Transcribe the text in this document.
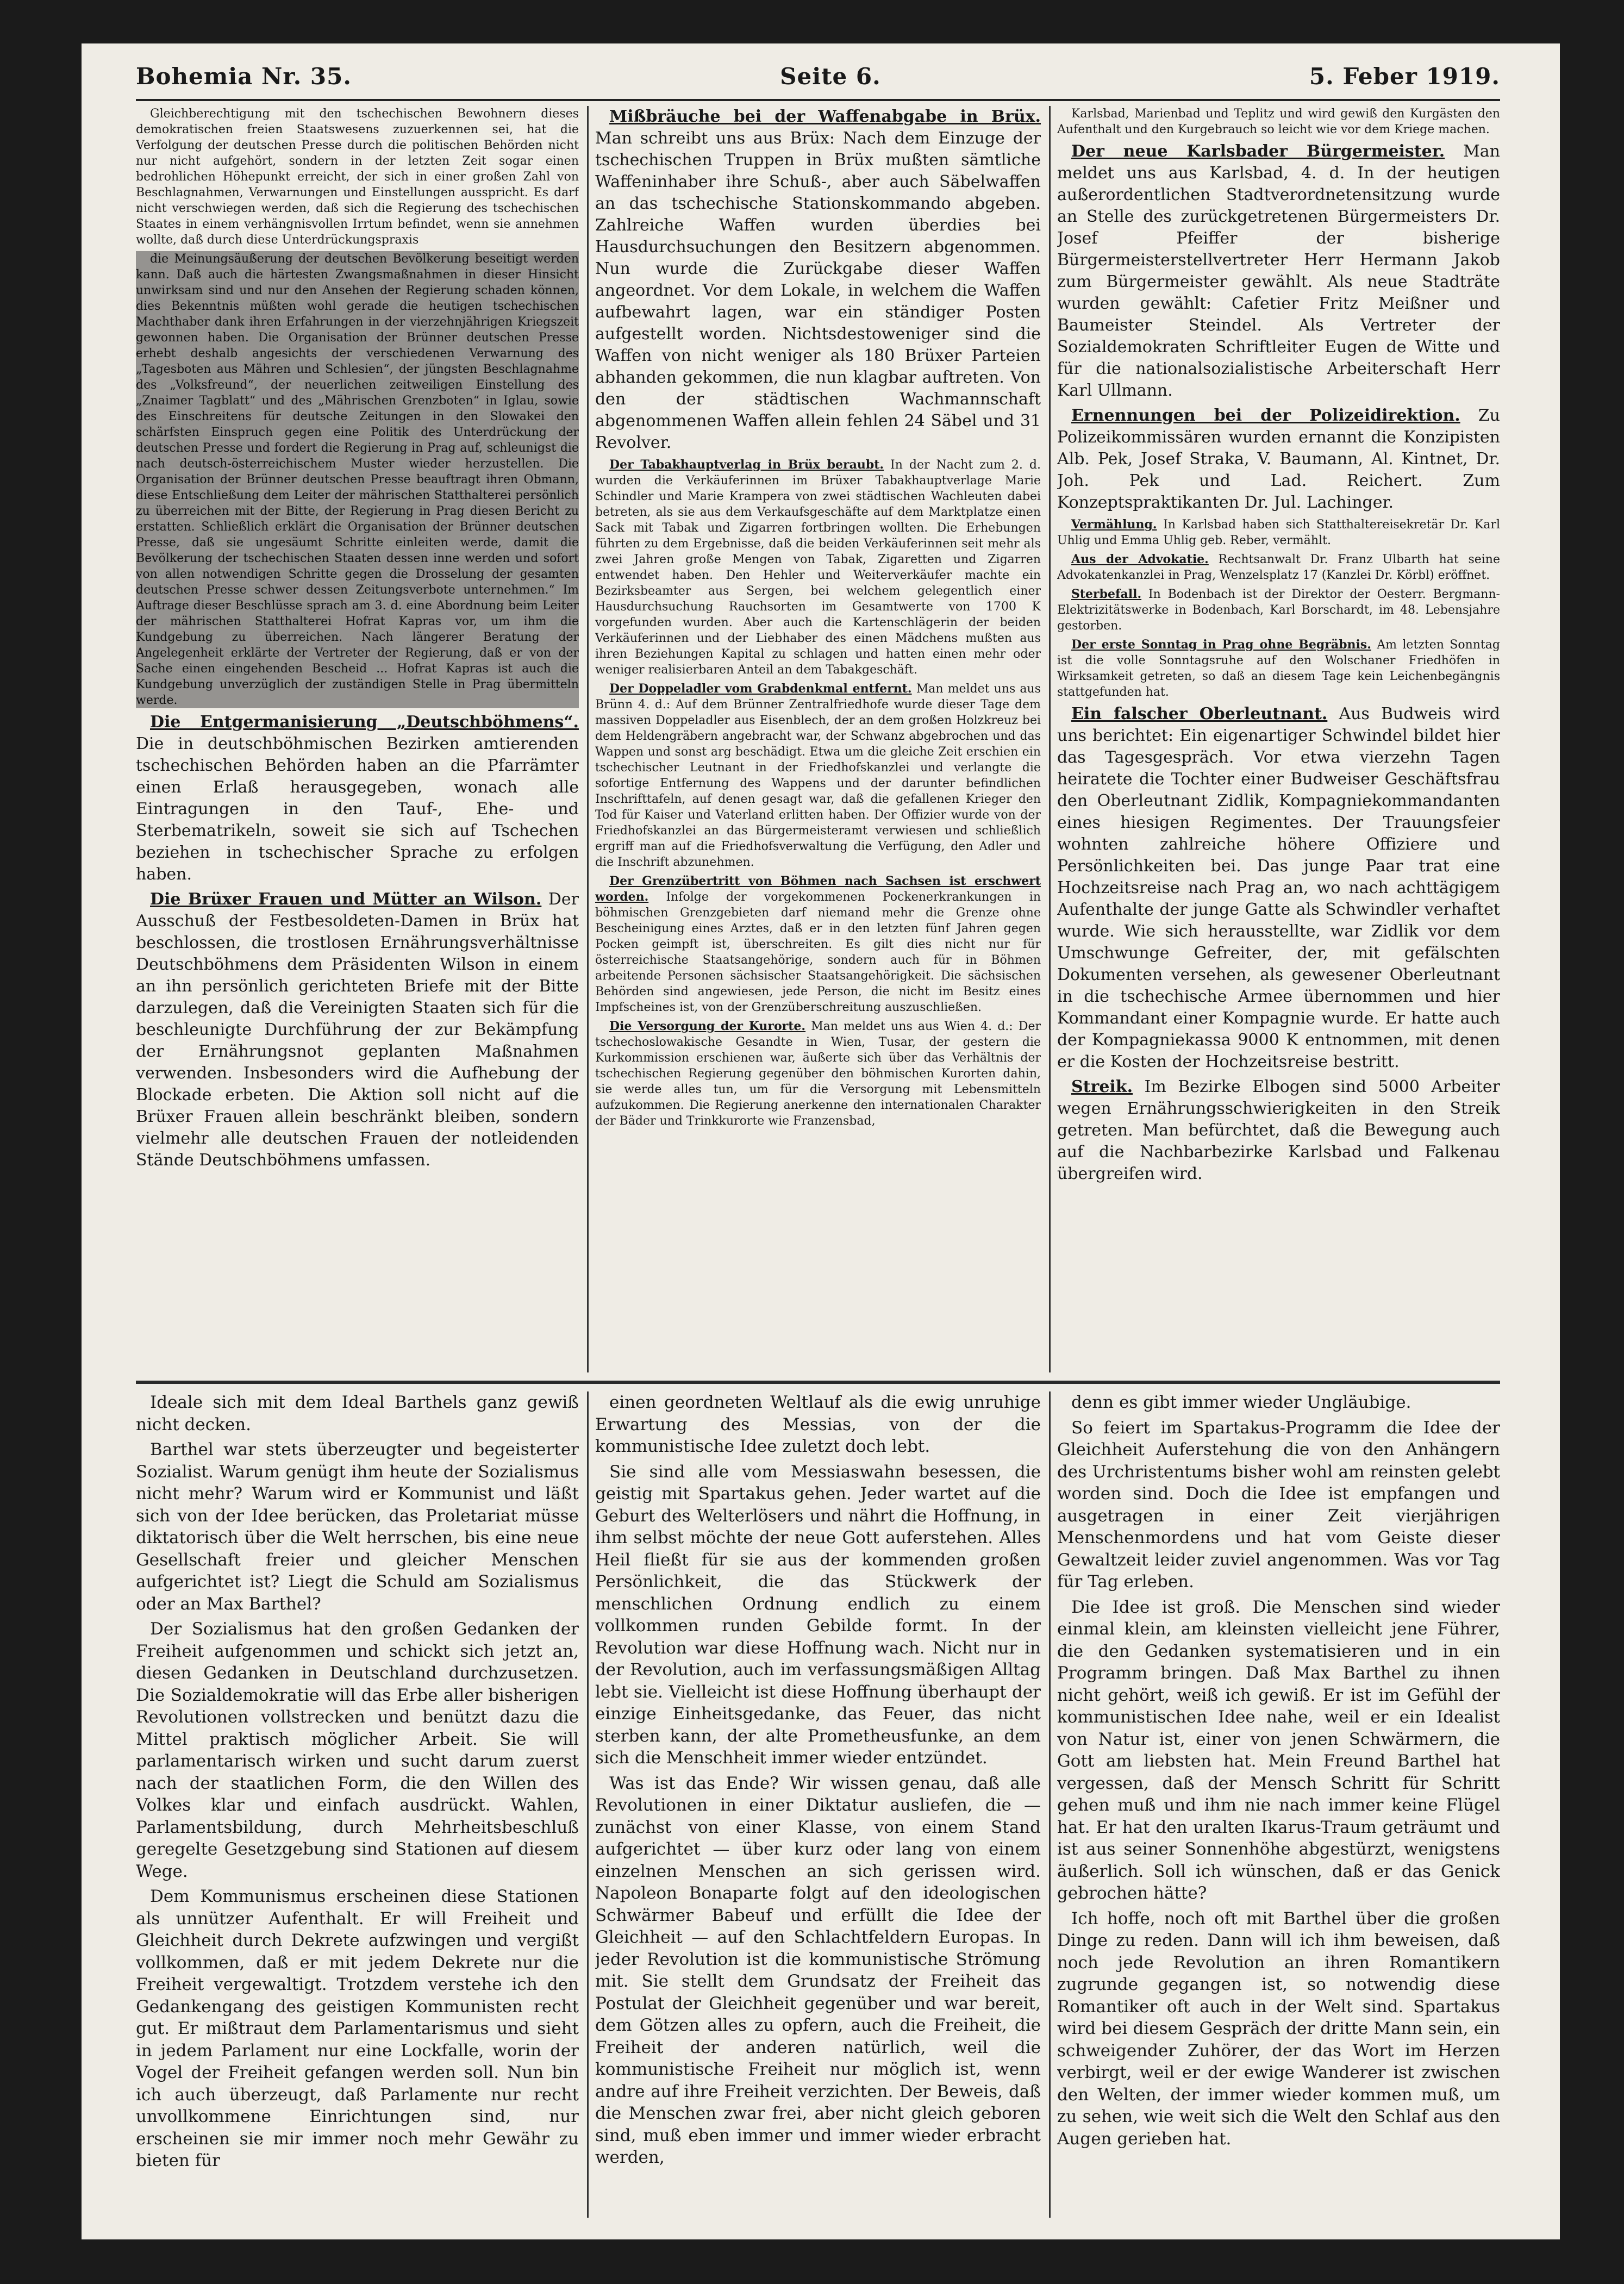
Bohemia Nr. 35.	Seite 6.	5. Feber 1919.

Gleichberechtigung mit den tschechischen Bewohnern dieses demokratischen freien Staatswesens zuzuerkennen sei, hat die Verfolgung der deutschen Presse durch die politischen Behörden nicht nur nicht aufgehört, sondern in der letzten Zeit sogar einen bedrohlichen Höhepunkt erreicht, der sich in einer großen Zahl von Beschlagnahmen, Verwarnungen und Einstellungen ausspricht. Es darf nicht verschwiegen werden, daß sich die Regierung des tschechischen Staates in einem verhängnisvollen Irrtum befindet, wenn sie annehmen wollte, daß durch diese Unterdrückungspraxis

die Meinungsäußerung der deutschen Bevölkerung beseitigt werden kann. Daß auch die härtesten Zwangsmaßnahmen in dieser Hinsicht unwirksam sind und nur den Ansehen der Regierung schaden können, dies Bekenntnis müßten wohl gerade die heutigen tschechischen Machthaber dank ihren Erfahrungen in der vierzehnjährigen Kriegszeit gewonnen haben. Die Organisation der Brünner deutschen Presse erhebt deshalb angesichts der verschiedenen Verwarnung des „Tagesboten aus Mähren und Schlesien“, der jüngsten Beschlagnahme des „Volksfreund“, der neuerlichen zeitweiligen Einstellung des „Znaimer Tagblatt“ und des „Mährischen Grenzboten“ in Iglau, sowie des Einschreitens für deutsche Zeitungen in den Slowakei den schärfsten Einspruch gegen eine Politik des Unterdrückung der deutschen Presse und fordert die Regierung in Prag auf, schleunigst die nach deutsch-österreichischem Muster wieder herzustellen. Die Organisation der Brünner deutschen Presse beauftragt ihren Obmann, diese Entschließung dem Leiter der mährischen Statthalterei persönlich zu überreichen mit der Bitte, der Regierung in Prag diesen Bericht zu erstatten. Schließlich erklärt die Organisation der Brünner deutschen Presse, daß sie ungesäumt Schritte einleiten werde, damit die Bevölkerung der tschechischen Staaten dessen inne werden und sofort von allen notwendigen Schritte gegen die Drosselung der gesamten deutschen Presse schwer dessen Zeitungsverbote unternehmen.“ Im Auftrage dieser Beschlüsse sprach am 3. d. eine Abordnung beim Leiter der mährischen Statthalterei Hofrat Kapras vor, um ihm die Kundgebung zu überreichen. Nach längerer Beratung der Angelegenheit erklärte der Vertreter der Regierung, daß er von der Sache einen eingehenden Bescheid ... Hofrat Kapras ist auch die Kundgebung unverzüglich der zuständigen Stelle in Prag übermitteln werde.

Die Entgermanisierung „Deutschböhmens“. Die in deutschböhmischen Bezirken amtierenden tschechischen Behörden haben an die Pfarrämter einen Erlaß herausgegeben, wonach alle Eintragungen in den Tauf-, Ehe- und Sterbematrikeln, soweit sie sich auf Tschechen beziehen in tschechischer Sprache zu erfolgen haben.

Die Brüxer Frauen und Mütter an Wilson. Der Ausschuß der Festbesoldeten-Damen in Brüx hat beschlossen, die trostlosen Ernährungsverhältnisse Deutschböhmens dem Präsidenten Wilson in einem an ihn persönlich gerichteten Briefe mit der Bitte darzulegen, daß die Vereinigten Staaten sich für die beschleunigte Durchführung der zur Bekämpfung der Ernährungsnot geplanten Maßnahmen verwenden. Insbesonders wird die Aufhebung der Blockade erbeten. Die Aktion soll nicht auf die Brüxer Frauen allein beschränkt bleiben, sondern vielmehr alle deutschen Frauen der notleidenden Stände Deutschböhmens umfassen.

Mißbräuche bei der Waffenabgabe in Brüx. Man schreibt uns aus Brüx: Nach dem Einzuge der tschechischen Truppen in Brüx mußten sämtliche Waffeninhaber ihre Schuß-, aber auch Säbelwaffen an das tschechische Stationskommando abgeben. Zahlreiche Waffen wurden überdies bei Hausdurchsuchungen den Besitzern abgenommen. Nun wurde die Zurückgabe dieser Waffen angeordnet. Vor dem Lokale, in welchem die Waffen aufbewahrt lagen, war ein ständiger Posten aufgestellt worden. Nichtsdestoweniger sind die Waffen von nicht weniger als 180 Brüxer Parteien abhanden gekommen, die nun klagbar auftreten. Von den der städtischen Wachmannschaft abgenommenen Waffen allein fehlen 24 Säbel und 31 Revolver.

Der Tabakhauptverlag in Brüx beraubt. In der Nacht zum 2. d. wurden die Verkäuferinnen im Brüxer Tabakhauptverlage Marie Schindler und Marie Krampera von zwei städtischen Wachleuten dabei betreten, als sie aus dem Verkaufsgeschäfte auf dem Marktplatze einen Sack mit Tabak und Zigarren fortbringen wollten. Die Erhebungen führten zu dem Ergebnisse, daß die beiden Verkäuferinnen seit mehr als zwei Jahren große Mengen von Tabak, Zigaretten und Zigarren entwendet haben. Den Hehler und Weiterverkäufer machte ein Bezirksbeamter aus Sergen, bei welchem gelegentlich einer Hausdurchsuchung Rauchsorten im Gesamtwerte von 1700 K vorgefunden wurden. Aber auch die Kartenschlägerin der beiden Verkäuferinnen und der Liebhaber des einen Mädchens mußten aus ihren Beziehungen Kapital zu schlagen und hatten einen mehr oder weniger realisierbaren Anteil an dem Tabakgeschäft.

Der Doppeladler vom Grabdenkmal entfernt. Man meldet uns aus Brünn 4. d.: Auf dem Brünner Zentralfriedhofe wurde dieser Tage dem massiven Doppeladler aus Eisenblech, der an dem großen Holzkreuz bei dem Heldengräbern angebracht war, der Schwanz abgebrochen und das Wappen und sonst arg beschädigt. Etwa um die gleiche Zeit erschien ein tschechischer Leutnant in der Friedhofskanzlei und verlangte die sofortige Entfernung des Wappens und der darunter befindlichen Inschrifttafeln, auf denen gesagt war, daß die gefallenen Krieger den Tod für Kaiser und Vaterland erlitten haben. Der Offizier wurde von der Friedhofskanzlei an das Bürgermeisteramt verwiesen und schließlich ergriff man auf die Friedhofsverwaltung die Verfügung, den Adler und die Inschrift abzunehmen.

Der Grenzübertritt von Böhmen nach Sachsen ist erschwert worden. Infolge der vorgekommenen Pockenerkrankungen in böhmischen Grenzgebieten darf niemand mehr die Grenze ohne Bescheinigung eines Arztes, daß er in den letzten fünf Jahren gegen Pocken geimpft ist, überschreiten. Es gilt dies nicht nur für österreichische Staatsangehörige, sondern auch für in Böhmen arbeitende Personen sächsischer Staatsangehörigkeit. Die sächsischen Behörden sind angewiesen, jede Person, die nicht im Besitz eines Impfscheines ist, von der Grenzüberschreitung auszuschließen.

Die Versorgung der Kurorte. Man meldet uns aus Wien 4. d.: Der tschechoslowakische Gesandte in Wien, Tusar, der gestern die Kurkommission erschienen war, äußerte sich über das Verhältnis der tschechischen Regierung gegenüber den böhmischen Kurorten dahin, sie werde alles tun, um für die Versorgung mit Lebensmitteln aufzukommen. Die Regierung anerkenne den internationalen Charakter der Bäder und Trinkkurorte wie Franzensbad,

Karlsbad, Marienbad und Teplitz und wird gewiß den Kurgästen den Aufenthalt und den Kurgebrauch so leicht wie vor dem Kriege machen.

Der neue Karlsbader Bürgermeister. Man meldet uns aus Karlsbad, 4. d. In der heutigen außerordentlichen Stadtverordnetensitzung wurde an Stelle des zurückgetretenen Bürgermeisters Dr. Josef Pfeiffer der bisherige Bürgermeisterstellvertreter Herr Hermann Jakob zum Bürgermeister gewählt. Als neue Stadträte wurden gewählt: Cafetier Fritz Meißner und Baumeister Steindel. Als Vertreter der Sozialdemokraten Schriftleiter Eugen de Witte und für die nationalsozialistische Arbeiterschaft Herr Karl Ullmann.

Ernennungen bei der Polizeidirektion. Zu Polizeikommissären wurden ernannt die Konzipisten Alb. Pek, Josef Straka, V. Baumann, Al. Kintnet, Dr. Joh. Pek und Lad. Reichert. Zum Konzeptspraktikanten Dr. Jul. Lachinger.

Vermählung. In Karlsbad haben sich Statthaltereisekretär Dr. Karl Uhlig und Emma Uhlig geb. Reber, vermählt.

Aus der Advokatie. Rechtsanwalt Dr. Franz Ulbarth hat seine Advokatenkanzlei in Prag, Wenzelsplatz 17 (Kanzlei Dr. Körbl) eröffnet.

Sterbefall. In Bodenbach ist der Direktor der Oesterr. Bergmann-Elektrizitätswerke in Bodenbach, Karl Borschardt, im 48. Lebensjahre gestorben.

Der erste Sonntag in Prag ohne Begräbnis. Am letzten Sonntag ist die volle Sonntagsruhe auf den Wolschaner Friedhöfen in Wirksamkeit getreten, so daß an diesem Tage kein Leichenbegängnis stattgefunden hat.

Ein falscher Oberleutnant. Aus Budweis wird uns berichtet: Ein eigenartiger Schwindel bildet hier das Tagesgespräch. Vor etwa vierzehn Tagen heiratete die Tochter einer Budweiser Geschäftsfrau den Oberleutnant Zidlik, Kompagniekommandanten eines hiesigen Regimentes. Der Trauungsfeier wohnten zahlreiche höhere Offiziere und Persönlichkeiten bei. Das junge Paar trat eine Hochzeitsreise nach Prag an, wo nach achttägigem Aufenthalte der junge Gatte als Schwindler verhaftet wurde. Wie sich herausstellte, war Zidlik vor dem Umschwunge Gefreiter, der, mit gefälschten Dokumenten versehen, als gewesener Oberleutnant in die tschechische Armee übernommen und hier Kommandant einer Kompagnie wurde. Er hatte auch der Kompagniekassa 9000 K entnommen, mit denen er die Kosten der Hochzeitsreise bestritt.

Streik. Im Bezirke Elbogen sind 5000 Arbeiter wegen Ernährungsschwierigkeiten in den Streik getreten. Man befürchtet, daß die Bewegung auch auf die Nachbarbezirke Karlsbad und Falkenau übergreifen wird.

Ideale sich mit dem Ideal Barthels ganz gewiß nicht decken.

Barthel war stets überzeugter und begeisterter Sozialist. Warum genügt ihm heute der Sozialismus nicht mehr? Warum wird er Kommunist und läßt sich von der Idee berücken, das Proletariat müsse diktatorisch über die Welt herrschen, bis eine neue Gesellschaft freier und gleicher Menschen aufgerichtet ist? Liegt die Schuld am Sozialismus oder an Max Barthel?

Der Sozialismus hat den großen Gedanken der Freiheit aufgenommen und schickt sich jetzt an, diesen Gedanken in Deutschland durchzusetzen. Die Sozialdemokratie will das Erbe aller bisherigen Revolutionen vollstrecken und benützt dazu die Mittel praktisch möglicher Arbeit. Sie will parlamentarisch wirken und sucht darum zuerst nach der staatlichen Form, die den Willen des Volkes klar und einfach ausdrückt. Wahlen, Parlamentsbildung, durch Mehrheitsbeschluß geregelte Gesetzgebung sind Stationen auf diesem Wege.

Dem Kommunismus erscheinen diese Stationen als unnützer Aufenthalt. Er will Freiheit und Gleichheit durch Dekrete aufzwingen und vergißt vollkommen, daß er mit jedem Dekrete nur die Freiheit vergewaltigt. Trotzdem verstehe ich den Gedankengang des geistigen Kommunisten recht gut. Er mißtraut dem Parlamentarismus und sieht in jedem Parlament nur eine Lockfalle, worin der Vogel der Freiheit gefangen werden soll. Nun bin ich auch überzeugt, daß Parlamente nur recht unvollkommene Einrichtungen sind, nur erscheinen sie mir immer noch mehr Gewähr zu bieten für

einen geordneten Weltlauf als die ewig unruhige Erwartung des Messias, von der die kommunistische Idee zuletzt doch lebt.

Sie sind alle vom Messiaswahn besessen, die geistig mit Spartakus gehen. Jeder wartet auf die Geburt des Welterlösers und nährt die Hoffnung, in ihm selbst möchte der neue Gott auferstehen. Alles Heil fließt für sie aus der kommenden großen Persönlichkeit, die das Stückwerk der menschlichen Ordnung endlich zu einem vollkommen runden Gebilde formt. In der Revolution war diese Hoffnung wach. Nicht nur in der Revolution, auch im verfassungsmäßigen Alltag lebt sie. Vielleicht ist diese Hoffnung überhaupt der einzige Einheitsgedanke, das Feuer, das nicht sterben kann, der alte Prometheusfunke, an dem sich die Menschheit immer wieder entzündet.

Was ist das Ende? Wir wissen genau, daß alle Revolutionen in einer Diktatur ausliefen, die — zunächst von einer Klasse, von einem Stand aufgerichtet — über kurz oder lang von einem einzelnen Menschen an sich gerissen wird. Napoleon Bonaparte folgt auf den ideologischen Schwärmer Babeuf und erfüllt die Idee der Gleichheit — auf den Schlachtfeldern Europas. In jeder Revolution ist die kommunistische Strömung mit. Sie stellt dem Grundsatz der Freiheit das Postulat der Gleichheit gegenüber und war bereit, dem Götzen alles zu opfern, auch die Freiheit, die Freiheit der anderen natürlich, weil die kommunistische Freiheit nur möglich ist, wenn andre auf ihre Freiheit verzichten. Der Beweis, daß die Menschen zwar frei, aber nicht gleich geboren sind, muß eben immer und immer wieder erbracht werden,

denn es gibt immer wieder Ungläubige.

So feiert im Spartakus-Programm die Idee der Gleichheit Auferstehung die von den Anhängern des Urchristentums bisher wohl am reinsten gelebt worden sind. Doch die Idee ist empfangen und ausgetragen in einer Zeit vierjährigen Menschenmordens und hat vom Geiste dieser Gewaltzeit leider zuviel angenommen. Was vor Tag für Tag erleben.

Die Idee ist groß. Die Menschen sind wieder einmal klein, am kleinsten vielleicht jene Führer, die den Gedanken systematisieren und in ein Programm bringen. Daß Max Barthel zu ihnen nicht gehört, weiß ich gewiß. Er ist im Gefühl der kommunistischen Idee nahe, weil er ein Idealist von Natur ist, einer von jenen Schwärmern, die Gott am liebsten hat. Mein Freund Barthel hat vergessen, daß der Mensch Schritt für Schritt gehen muß und ihm nie nach immer keine Flügel hat. Er hat den uralten Ikarus-Traum geträumt und ist aus seiner Sonnenhöhe abgestürzt, wenigstens äußerlich. Soll ich wünschen, daß er das Genick gebrochen hätte?

Ich hoffe, noch oft mit Barthel über die großen Dinge zu reden. Dann will ich ihm beweisen, daß noch jede Revolution an ihren Romantikern zugrunde gegangen ist, so notwendig diese Romantiker oft auch in der Welt sind. Spartakus wird bei diesem Gespräch der dritte Mann sein, ein schweigender Zuhörer, der das Wort im Herzen verbirgt, weil er der ewige Wanderer ist zwischen den Welten, der immer wieder kommen muß, um zu sehen, wie weit sich die Welt den Schlaf aus den Augen gerieben hat.
